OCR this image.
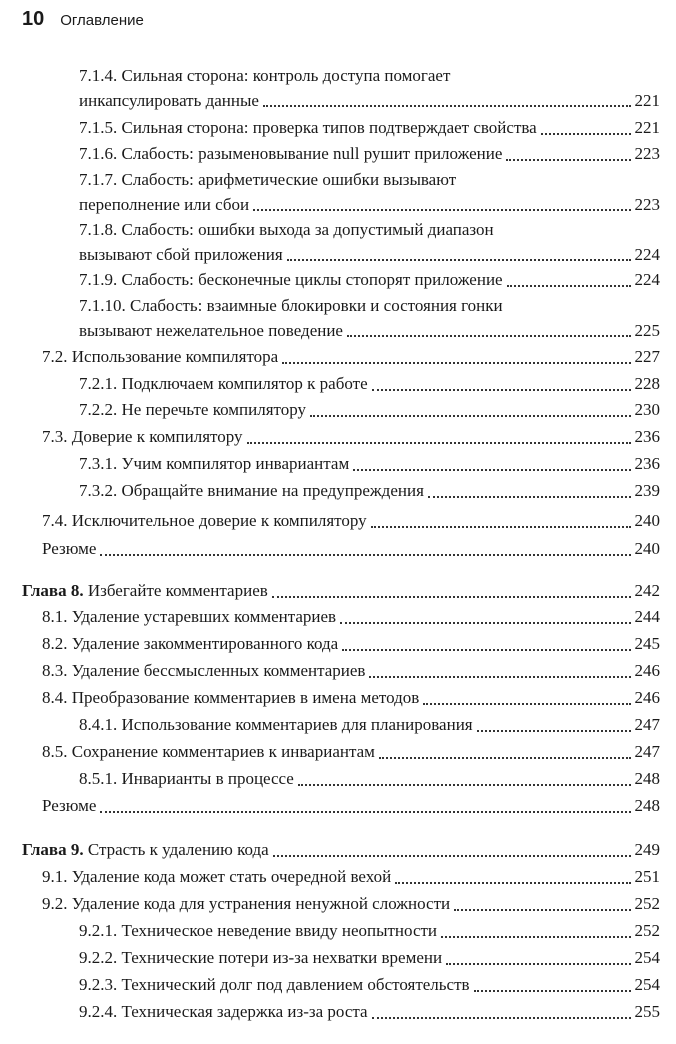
10 Оглавление
7.1.4. Сильная сторона: контроль доступа помогает
инкапсулировать данные	221
7.1.5. Сильная сторона: проверка типов подтверждает свойства	221
7.1.6. Слабость: разыменовывание null рушит приложение	223
7.1.7. Слабость: арифметические ошибки вызывают
переполнение или сбои	223
7.1.8. Слабость: ошибки выхода за допустимый диапазон
вызывают сбой приложения	224
7.1.9. Слабость: бесконечные циклы стопорят приложение	224
7.1.10. Слабость: взаимные блокировки и состояния гонки
вызывают нежелательное поведение	225
7.2. Использование компилятора	227
7.2.1. Подключаем компилятор к работе	228
7.2.2. Не перечьте компилятору	230
7.3. Доверие к компилятору	236
7.3.1. Учим компилятор инвариантам	236
7.3.2. Обращайте внимание на предупреждения	239
7.4. Исключительное доверие к компилятору	240
Резюме	240
Глава 8. Избегайте комментариев	242
8.1. Удаление устаревших комментариев	244
8.2. Удаление закомментированного кода	245
8.3. Удаление бессмысленных комментариев	246
8.4. Преобразование комментариев в имена методов	246
8.4.1. Использование комментариев для планирования	247
8.5. Сохранение комментариев к инвариантам	247
8.5.1. Инварианты в процессе	248
Резюме	248
Глава 9. Страсть к удалению кода	249
9.1. Удаление кода может стать очередной вехой	251
9.2. Удаление кода для устранения ненужной сложности	252
9.2.1. Техническое неведение ввиду неопытности	252
9.2.2. Технические потери из-за нехватки времени	254
9.2.3. Технический долг под давлением обстоятельств	254
9.2.4. Техническая задержка из-за роста	255
